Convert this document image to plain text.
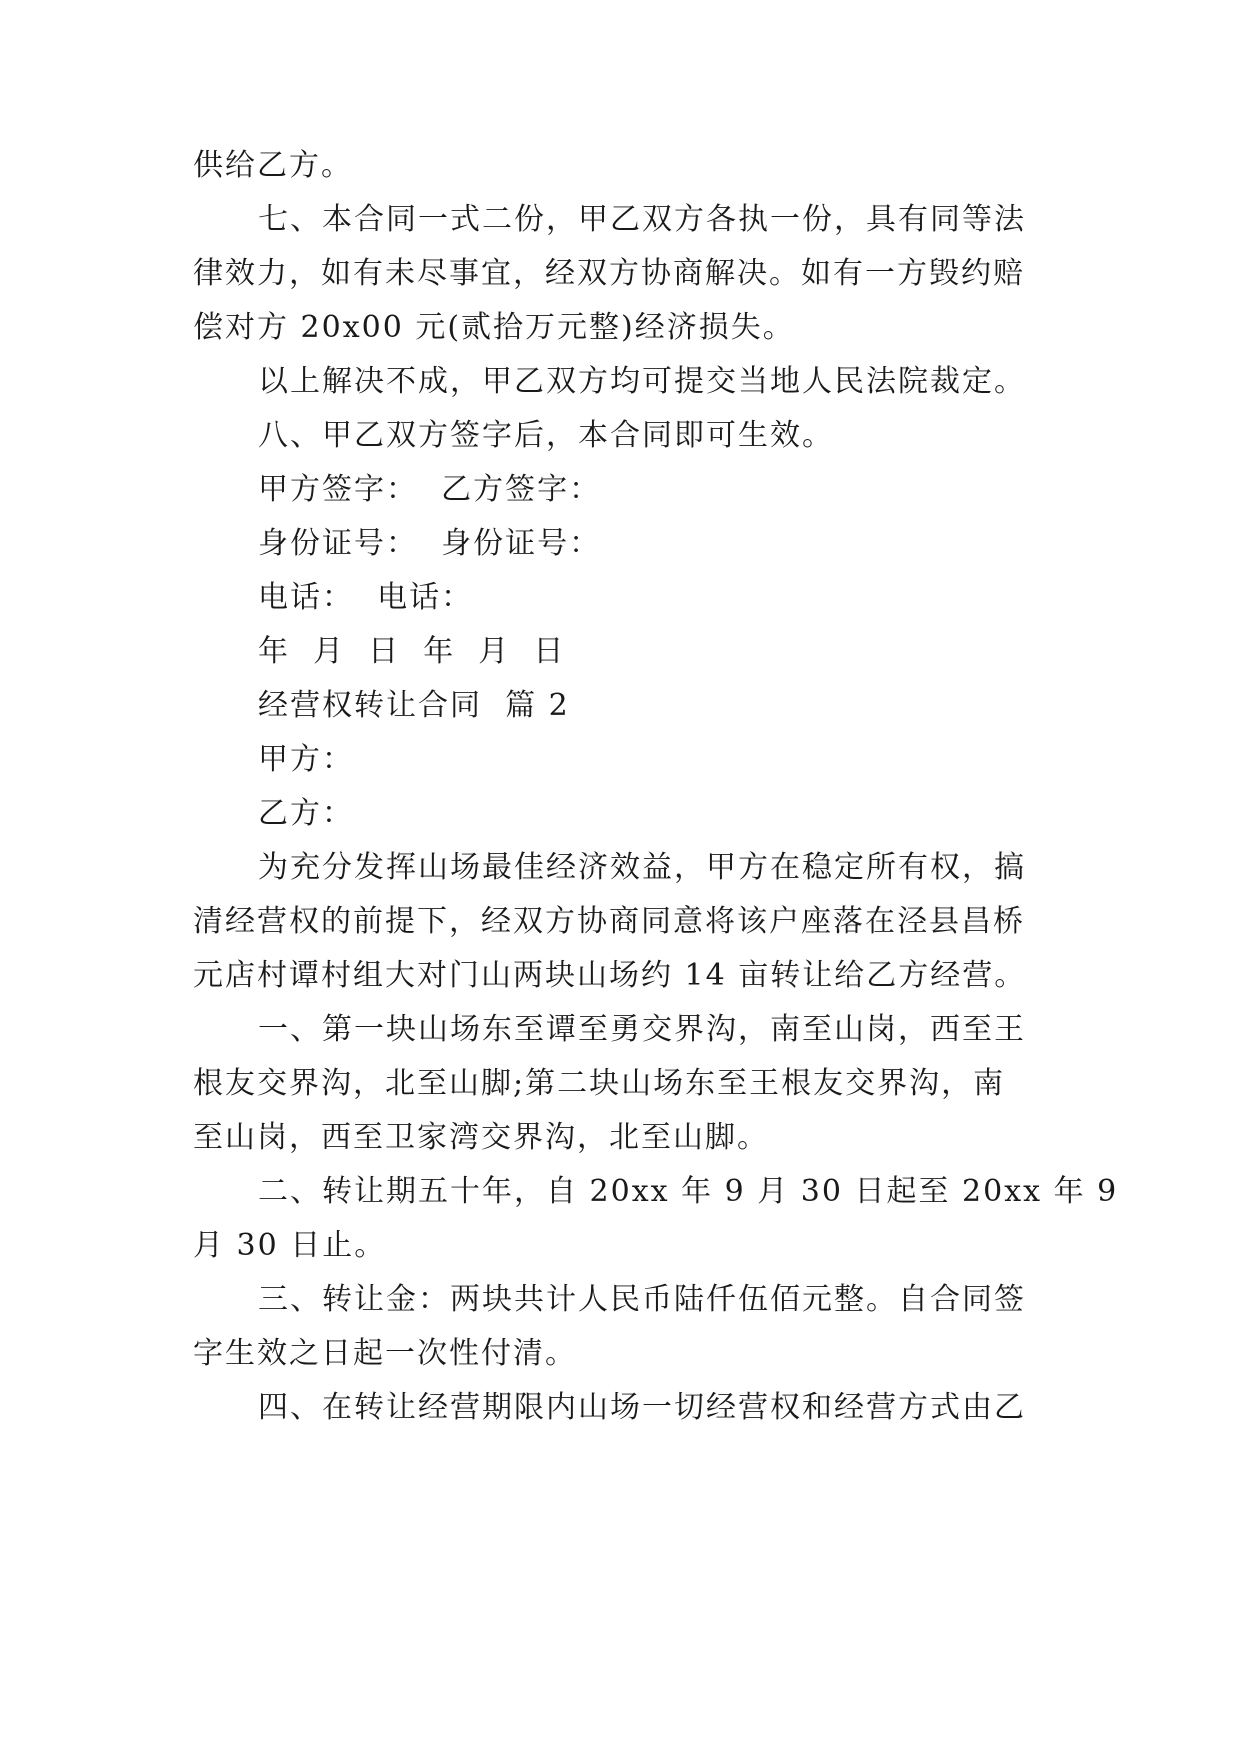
供给乙方。
七、本合同一式二份，甲乙双方各执一份，具有同等法
律效力，如有未尽事宜，经双方协商解决。如有一方毁约赔
偿对方 20x00 元(贰拾万元整)经济损失。
以上解决不成，甲乙双方均可提交当地人民法院裁定。
八、甲乙双方签字后，本合同即可生效。
甲方签字：  乙方签字：
身份证号：  身份证号：
电话：  电话：
年  月  日  年  月  日
经营权转让合同  篇 2
甲方：
乙方：
为充分发挥山场最佳经济效益，甲方在稳定所有权，搞
清经营权的前提下，经双方协商同意将该户座落在泾县昌桥
元店村谭村组大对门山两块山场约 14 亩转让给乙方经营。
一、第一块山场东至谭至勇交界沟，南至山岗，西至王
根友交界沟，北至山脚;第二块山场东至王根友交界沟，南
至山岗，西至卫家湾交界沟，北至山脚。
二、转让期五十年，自 20xx 年 9 月 30 日起至 20xx 年 9
月 30 日止。
三、转让金：两块共计人民币陆仟伍佰元整。自合同签
字生效之日起一次性付清。
四、在转让经营期限内山场一切经营权和经营方式由乙
